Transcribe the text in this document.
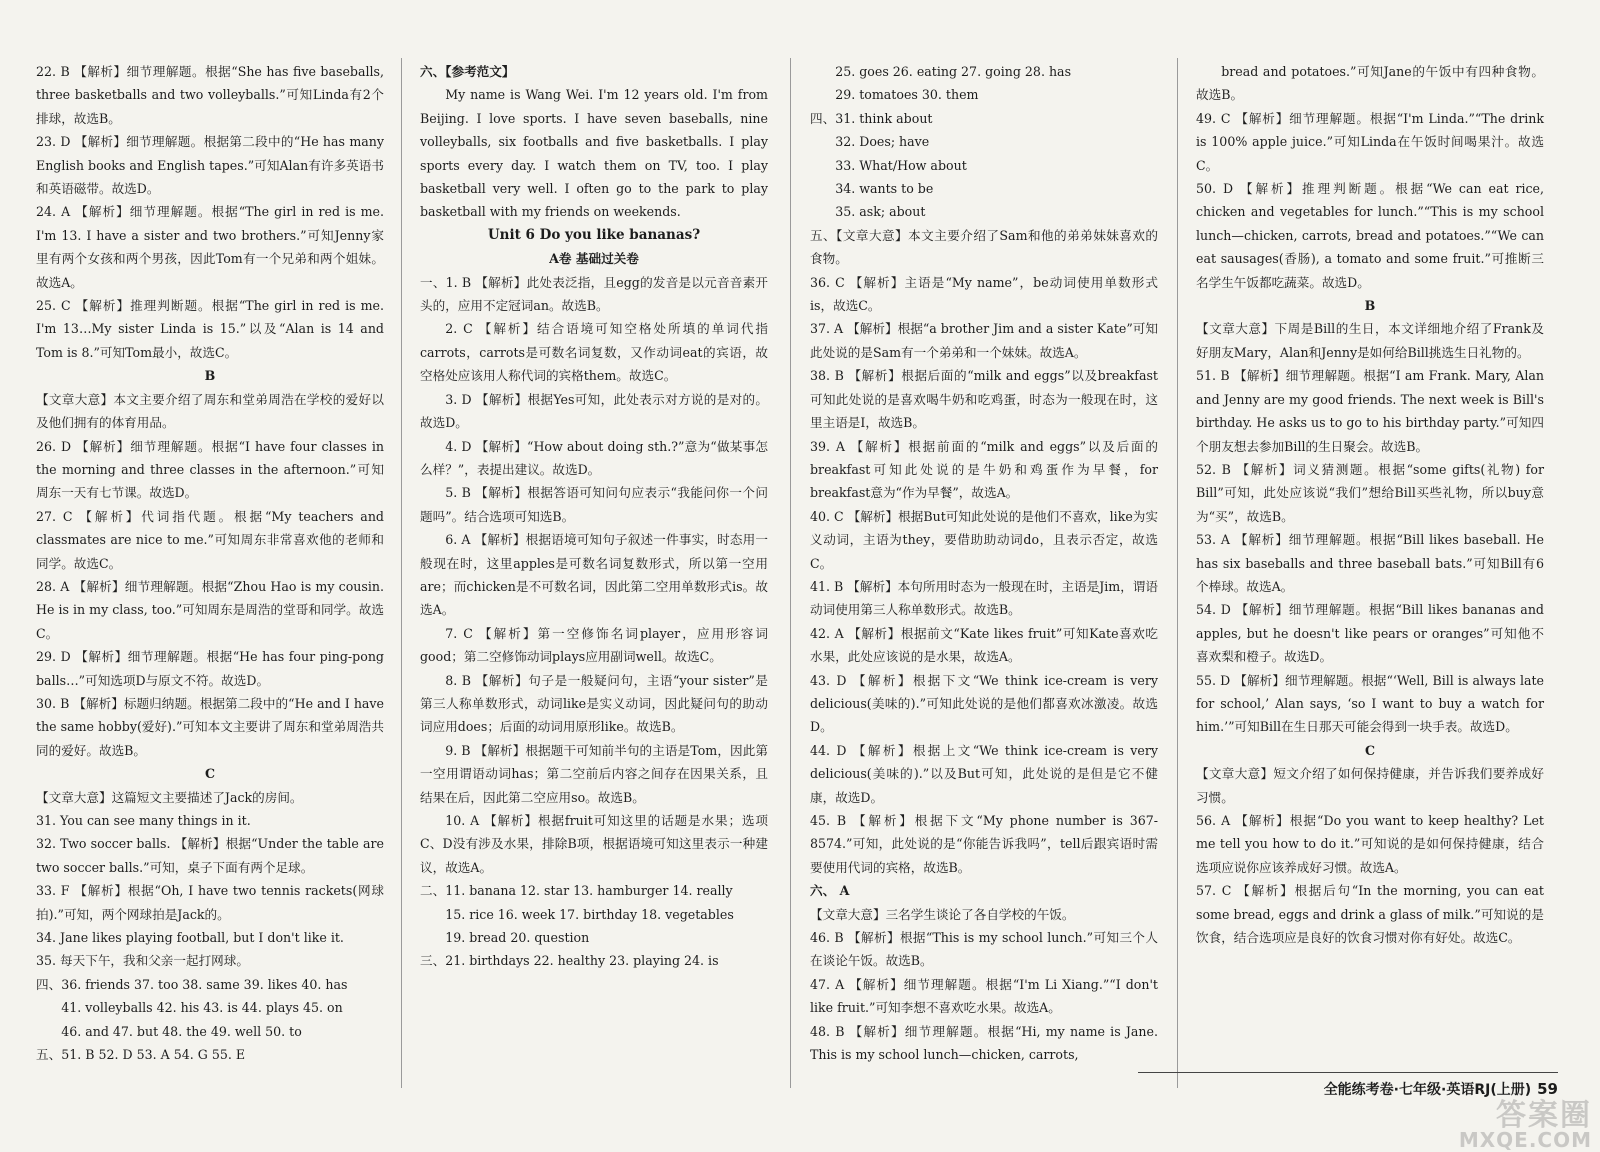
22. B 【解析】细节理解题。根据“She has five baseballs, three basketballs and two volleyballs.”可知Linda有2个排球，故选B。

23. D 【解析】细节理解题。根据第二段中的“He has many English books and English tapes.”可知Alan有许多英语书和英语磁带。故选D。

24. A 【解析】细节理解题。根据“The girl in red is me. I'm 13. I have a sister and two brothers.”可知Jenny家里有两个女孩和两个男孩，因此Tom有一个兄弟和两个姐妹。故选A。

25. C 【解析】推理判断题。根据“The girl in red is me. I'm 13…My sister Linda is 15.”以及“Alan is 14 and Tom is 8.”可知Tom最小，故选C。

B

【文章大意】本文主要介绍了周东和堂弟周浩在学校的爱好以及他们拥有的体育用品。

26. D 【解析】细节理解题。根据“I have four classes in the morning and three classes in the afternoon.”可知周东一天有七节课。故选D。

27. C 【解析】代词指代题。根据“My teachers and classmates are nice to me.”可知周东非常喜欢他的老师和同学。故选C。

28. A 【解析】细节理解题。根据“Zhou Hao is my cousin. He is in my class, too.”可知周东是周浩的堂哥和同学。故选C。

29. D 【解析】细节理解题。根据“He has four ping-pong balls…”可知选项D与原文不符。故选D。

30. B 【解析】标题归纳题。根据第二段中的“He and I have the same hobby(爱好).”可知本文主要讲了周东和堂弟周浩共同的爱好。故选B。

C

【文章大意】这篇短文主要描述了Jack的房间。

31. You can see many things in it.

32. Two soccer balls. 【解析】根据“Under the table are two soccer balls.”可知，桌子下面有两个足球。

33. F 【解析】根据“Oh, I have two tennis rackets(网球拍).”可知，两个网球拍是Jack的。

34. Jane likes playing football, but I don't like it.

35. 每天下午，我和父亲一起打网球。

四、36. friends 37. too 38. same 39. likes 40. has

41. volleyballs 42. his 43. is 44. plays 45. on

46. and 47. but 48. the 49. well 50. to

五、51. B 52. D 53. A 54. G 55. E

六、【参考范文】

My name is Wang Wei. I'm 12 years old. I'm from Beijing. I love sports. I have seven baseballs, nine volleyballs, six footballs and five basketballs. I play sports every day. I watch them on TV, too. I play basketball very well. I often go to the park to play basketball with my friends on weekends.

Unit 6 Do you like bananas?

A卷 基础过关卷

一、1. B 【解析】此处表泛指，且egg的发音是以元音音素开头的，应用不定冠词an。故选B。

2. C 【解析】结合语境可知空格处所填的单词代指carrots，carrots是可数名词复数，又作动词eat的宾语，故空格处应该用人称代词的宾格them。故选C。

3. D 【解析】根据Yes可知，此处表示对方说的是对的。故选D。

4. D 【解析】“How about doing sth.?”意为“做某事怎么样？”，表提出建议。故选D。

5. B 【解析】根据答语可知问句应表示“我能问你一个问题吗”。结合选项可知选B。

6. A 【解析】根据语境可知句子叙述一件事实，时态用一般现在时，这里apples是可数名词复数形式，所以第一空用are；而chicken是不可数名词，因此第二空用单数形式is。故选A。

7. C 【解析】第一空修饰名词player，应用形容词good；第二空修饰动词plays应用副词well。故选C。

8. B 【解析】句子是一般疑问句，主语“your sister”是第三人称单数形式，动词like是实义动词，因此疑问句的助动词应用does；后面的动词用原形like。故选B。

9. B 【解析】根据题干可知前半句的主语是Tom，因此第一空用谓语动词has；第二空前后内容之间存在因果关系，且结果在后，因此第二空应用so。故选B。

10. A 【解析】根据fruit可知这里的话题是水果；选项C、D没有涉及水果，排除B项，根据语境可知这里表示一种建议，故选A。

二、11. banana 12. star 13. hamburger 14. really

15. rice 16. week 17. birthday 18. vegetables

19. bread 20. question

三、21. birthdays 22. healthy 23. playing 24. is

25. goes 26. eating 27. going 28. has

29. tomatoes 30. them

四、31. think about

32. Does; have

33. What/How about

34. wants to be

35. ask; about

五、【文章大意】本文主要介绍了Sam和他的弟弟妹妹喜欢的食物。

36. C 【解析】主语是“My name”，be动词使用单数形式is，故选C。

37. A 【解析】根据“a brother Jim and a sister Kate”可知此处说的是Sam有一个弟弟和一个妹妹。故选A。

38. B 【解析】根据后面的“milk and eggs”以及breakfast可知此处说的是喜欢喝牛奶和吃鸡蛋，时态为一般现在时，这里主语是I，故选B。

39. A 【解析】根据前面的“milk and eggs”以及后面的breakfast可知此处说的是牛奶和鸡蛋作为早餐，for breakfast意为“作为早餐”，故选A。

40. C 【解析】根据But可知此处说的是他们不喜欢，like为实义动词，主语为they，要借助助动词do，且表示否定，故选C。

41. B 【解析】本句所用时态为一般现在时，主语是Jim，谓语动词使用第三人称单数形式。故选B。

42. A 【解析】根据前文“Kate likes fruit”可知Kate喜欢吃水果，此处应该说的是水果，故选A。

43. D 【解析】根据下文“We think ice-cream is very delicious(美味的).”可知此处说的是他们都喜欢冰激凌。故选D。

44. D 【解析】根据上文“We think ice-cream is very delicious(美味的).”以及But可知，此处说的是但是它不健康，故选D。

45. B 【解析】根据下文“My phone number is 367-8574.”可知，此处说的是“你能告诉我吗”，tell后跟宾语时需要使用代词的宾格，故选B。

六、 A

【文章大意】三名学生谈论了各自学校的午饭。

46. B 【解析】根据“This is my school lunch.”可知三个人在谈论午饭。故选B。

47. A 【解析】细节理解题。根据“I'm Li Xiang.”“I don't like fruit.”可知李想不喜欢吃水果。故选A。

48. B 【解析】细节理解题。根据“Hi, my name is Jane. This is my school lunch—chicken, carrots,

bread and potatoes.”可知Jane的午饭中有四种食物。故选B。

49. C 【解析】细节理解题。根据“I'm Linda.”“The drink is 100% apple juice.”可知Linda在午饭时间喝果汁。故选C。

50. D 【解析】推理判断题。根据“We can eat rice, chicken and vegetables for lunch.”“This is my school lunch—chicken, carrots, bread and potatoes.”“We can eat sausages(香肠), a tomato and some fruit.”可推断三名学生午饭都吃蔬菜。故选D。

B

【文章大意】下周是Bill的生日，本文详细地介绍了Frank及好朋友Mary，Alan和Jenny是如何给Bill挑选生日礼物的。

51. B 【解析】细节理解题。根据“I am Frank. Mary, Alan and Jenny are my good friends. The next week is Bill's birthday. He asks us to go to his birthday party.”可知四个朋友想去参加Bill的生日聚会。故选B。

52. B 【解析】词义猜测题。根据“some gifts(礼物) for Bill”可知，此处应该说“我们”想给Bill买些礼物，所以buy意为“买”，故选B。

53. A 【解析】细节理解题。根据“Bill likes baseball. He has six baseballs and three baseball bats.”可知Bill有6个棒球。故选A。

54. D 【解析】细节理解题。根据“Bill likes bananas and apples, but he doesn't like pears or oranges”可知他不喜欢梨和橙子。故选D。

55. D 【解析】细节理解题。根据“‘Well, Bill is always late for school,’ Alan says, ‘so I want to buy a watch for him.’”可知Bill在生日那天可能会得到一块手表。故选D。

C

【文章大意】短文介绍了如何保持健康，并告诉我们要养成好习惯。

56. A 【解析】根据“Do you want to keep healthy? Let me tell you how to do it.”可知说的是如何保持健康，结合选项应说你应该养成好习惯。故选A。

57. C 【解析】根据后句“In the morning, you can eat some bread, eggs and drink a glass of milk.”可知说的是饮食，结合选项应是良好的饮食习惯对你有好处。故选C。

全能练考卷·七年级·英语RJ(上册) 59
答案圈
MXQE.COM
